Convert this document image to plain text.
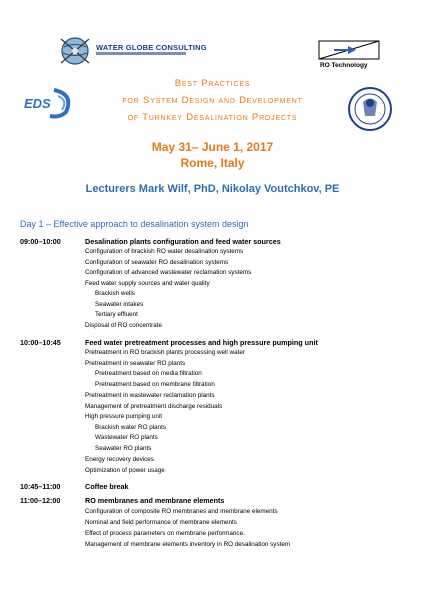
WATER GLOBE CONSULTING
RO Technology
EDS
Best Practices
for System Design and Development
of Turnkey Desalination Projects
May 31– June 1, 2017
Rome, Italy
Lecturers Mark Wilf, PhD, Nikolay Voutchkov, PE
Day 1 – Effective approach to desalination system design
09:00–10:00	Desalination plants configuration and feed water sources
Configuration of brackish RO water desalination systems
Configuration of seawater RO desalination systems
Configuration of advanced wastewater reclamation systems
Feed water supply sources and water quality
Brackish wells
Seawater intakes
Tertiary effluent
Disposal of RO concentrate
10:00–10:45	Feed water pretreatment processes and high pressure pumping unit
Pretreatment in RO brackish plants processing well water
Pretreatment in seawater RO plants
Pretreatment based on media filtration
Pretreatment based on membrane filtration
Pretreatment in wastewater reclamation plants
Management of pretreatment discharge residuals
High pressure pumping unit
Brackish water RO plants
Wastewater RO plants
Seawater RO plants
Energy recovery devices
Optimization of power usage
10:45–11:00	Coffee break
11:00–12:00	RO membranes and membrane elements
Configuration of composite RO membranes and membrane elements
Nominal and field performance of membrane elements
Effect of process parameters on membrane performance.
Management of membrane elements inventory in RO desalination system
